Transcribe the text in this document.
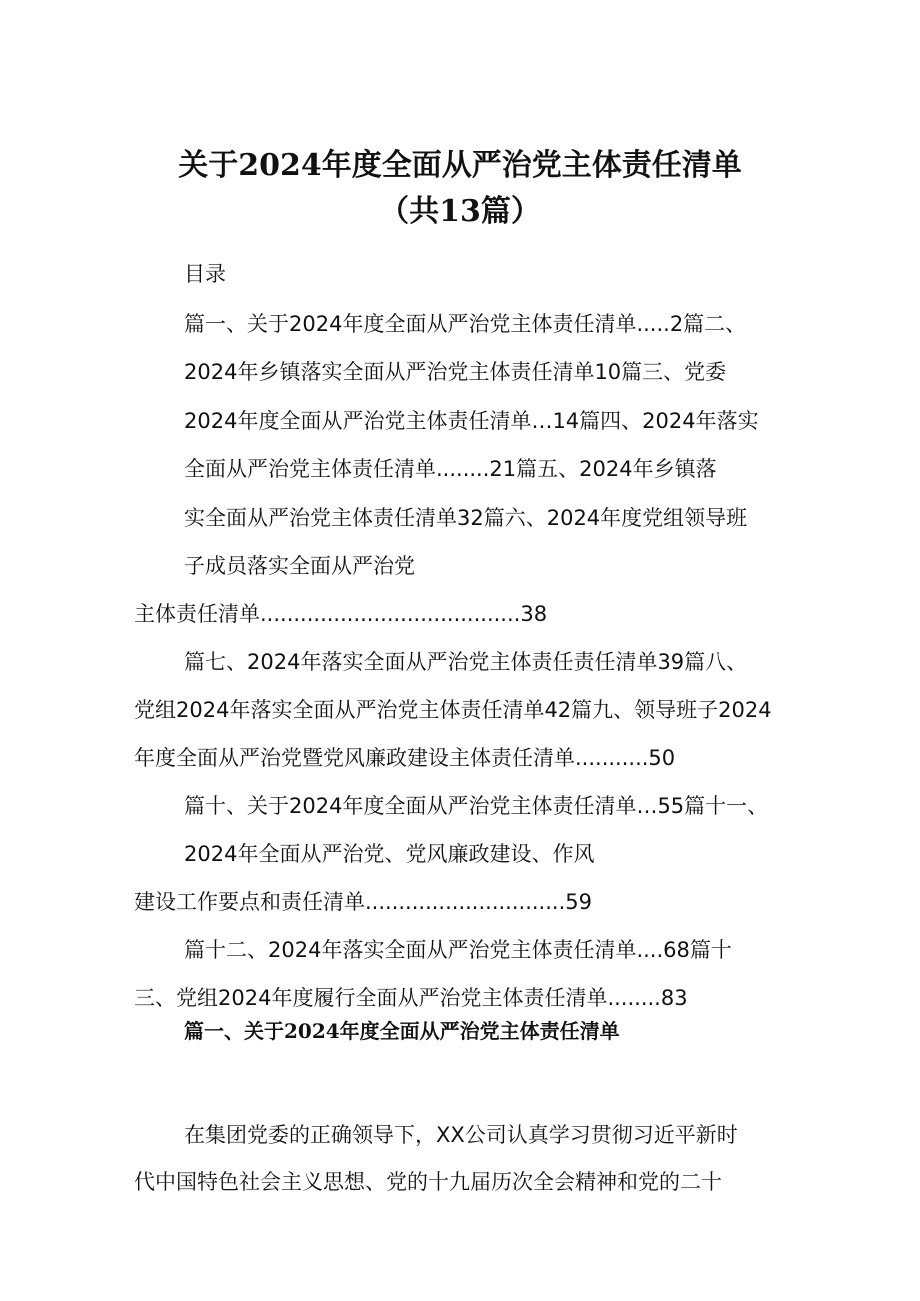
关于2024年度全面从严治党主体责任清单
（共13篇）
目录
篇一、关于2024年度全面从严治党主体责任清单.....2篇二、
2024年乡镇落实全面从严治党主体责任清单10篇三、党委
2024年度全面从严治党主体责任清单…14篇四、2024年落实
全面从严治党主体责任清单........21篇五、2024年乡镇落
实全面从严治党主体责任清单32篇六、2024年度党组领导班
子成员落实全面从严治党
主体责任清单.......................................38
篇七、2024年落实全面从严治党主体责任责任清单39篇八、
党组2024年落实全面从严治党主体责任清单42篇九、领导班子2024
年度全面从严治党暨党风廉政建设主体责任清单...........50
篇十、关于2024年度全面从严治党主体责任清单…55篇十一、
2024年全面从严治党、党风廉政建设、作风
建设工作要点和责任清单..............................59
篇十二、2024年落实全面从严治党主体责任清单....68篇十
三、党组2024年度履行全面从严治党主体责任清单........83
篇一、关于2024年度全面从严治党主体责任清单
在集团党委的正确领导下，XX公司认真学习贯彻习近平新时
代中国特色社会主义思想、党的十九届历次全会精神和党的二十
